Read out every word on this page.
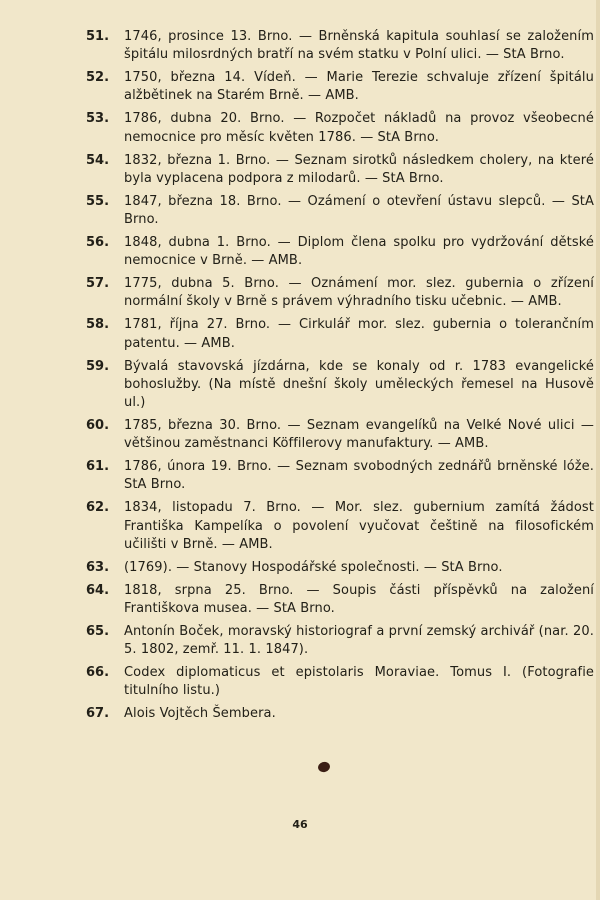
51.	1746, prosince 13. Brno. — Brněnská kapitula souhlasí se založením špitálu milosrdných bratří na svém statku v Polní ulici. — StA Brno.
52.	1750, března 14. Vídeň. — Marie Terezie schvaluje zřízení špitálu alžbětinek na Starém Brně. — AMB.
53.	1786, dubna 20. Brno. — Rozpočet nákladů na provoz všeobecné nemocnice pro měsíc květen 1786. — StA Brno.
54.	1832, března 1. Brno. — Seznam sirotků následkem cholery, na které byla vyplacena podpora z milodarů. — StA Brno.
55.	1847, března 18. Brno. — Ozámení o otevření ústavu slepců. — StA Brno.
56.	1848, dubna 1. Brno. — Diplom člena spolku pro vydržování dětské nemocnice v Brně. — AMB.
57.	1775, dubna 5. Brno. — Oznámení mor. slez. gubernia o zřízení normální školy v Brně s právem výhradního tisku učebnic. — AMB.
58.	1781, října 27. Brno. — Cirkulář mor. slez. gubernia o tolerančním patentu. — AMB.
59.	Bývalá stavovská jízdárna, kde se konaly od r. 1783 evangelické bohoslužby. (Na místě dnešní školy uměleckých řemesel na Husově ul.)
60.	1785, března 30. Brno. — Seznam evangelíků na Velké Nové ulici — většinou zaměstnanci Köffilerovy manufaktury. — AMB.
61.	1786, února 19. Brno. — Seznam svobodných zednářů brněnské lóže. StA Brno.
62.	1834, listopadu 7. Brno. — Mor. slez. gubernium zamítá žádost Františka Kampelíka o povolení vyučovat češtině na filosofickém učilišti v Brně. — AMB.
63.	(1769). — Stanovy Hospodářské společnosti. — StA Brno.
64.	1818, srpna 25. Brno. — Soupis části příspěvků na založení Františkova musea. — StA Brno.
65.	Antonín Boček, moravský historiograf a první zemský archivář (nar. 20. 5. 1802, zemř. 11. 1. 1847).
66.	Codex diplomaticus et epistolaris Moraviae. Tomus I. (Fotografie titulního listu.)
67.	Alois Vojtěch Šembera.
46
